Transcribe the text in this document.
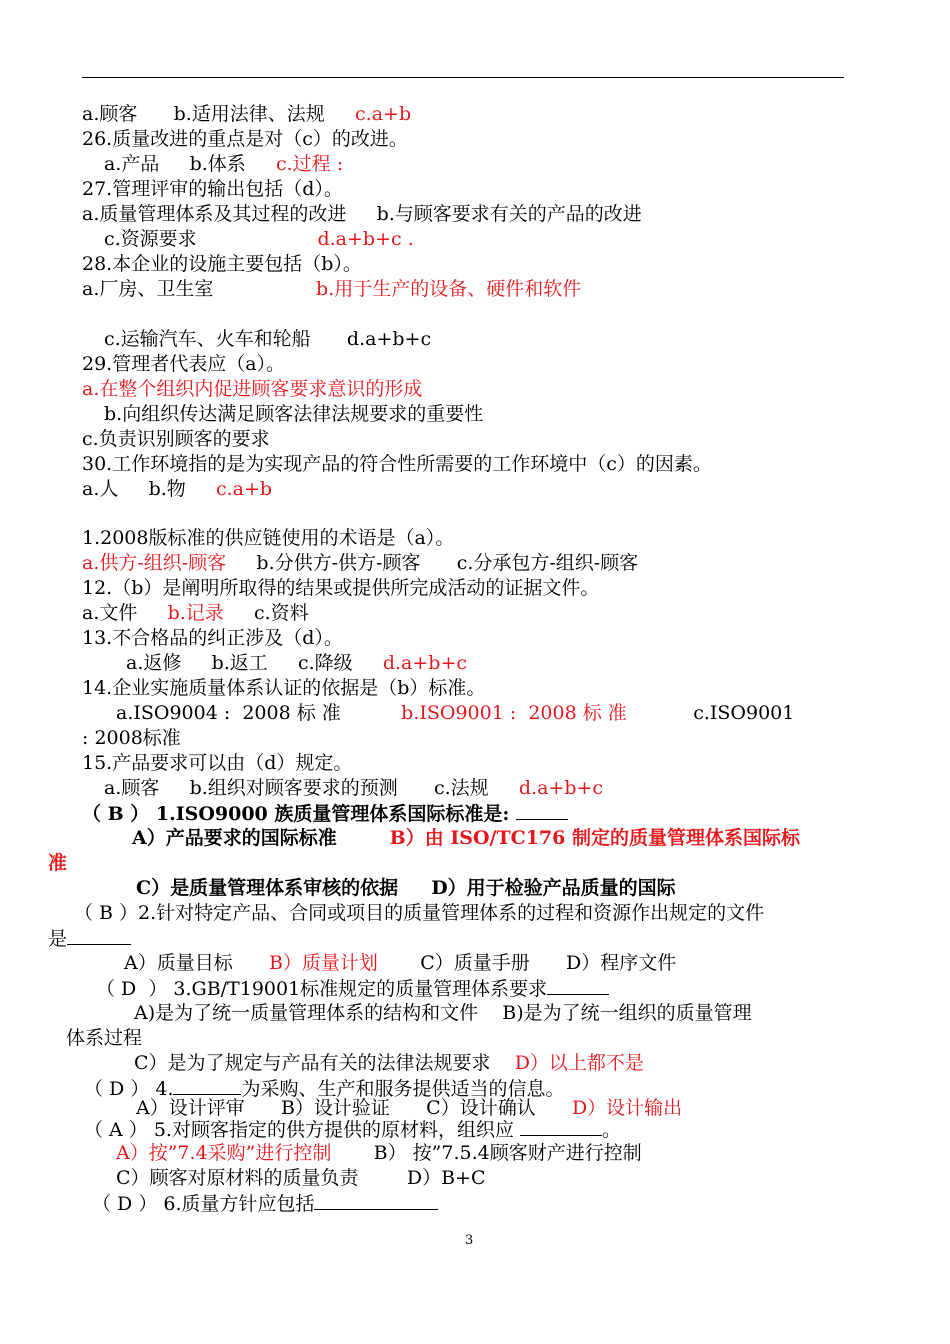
a.顾客      b.适用法律、法规     c.a+b
26.质量改进的重点是对（c）的改进。
a.产品     b.体系     c.过程 :
27.管理评审的输出包括（d）。
a.质量管理体系及其过程的改进     b.与顾客要求有关的产品的改进
c.资源要求                    d.a+b+c .
28.本企业的设施主要包括（b）。
a.厂房、卫生室                 b.用于生产的设备、硬件和软件
c.运输汽车、火车和轮船      d.a+b+c
29.管理者代表应（a）。
a.在整个组织内促进顾客要求意识的形成
b.向组织传达满足顾客法律法规要求的重要性
c.负责识别顾客的要求
30.工作环境指的是为实现产品的符合性所需要的工作环境中（c）的因素。
a.人     b.物     c.a+b
1.2008版标准的供应链使用的术语是（a）。
a.供方-组织-顾客     b.分供方-供方-顾客      c.分承包方-组织-顾客
12.（b）是阐明所取得的结果或提供所完成活动的证据文件。
a.文件     b.记录     c.资料
13.不合格品的纠正涉及（d）。
a.返修     b.返工     c.降级     d.a+b+c
14.企业实施质量体系认证的依据是（b）标准。
a.ISO9004 :  2008 标 准          b.ISO9001 :  2008 标 准           c.ISO9001
: 2008标准
15.产品要求可以由（d）规定。
a.顾客     b.组织对顾客要求的预测      c.法规     d.a+b+c
（ B ） 1.ISO9000 族质量管理体系国际标准是:
A）产品要求的国际标准        B）由 ISO/TC176 制定的质量管理体系国际标
准
C）是质量管理体系审核的依据     D）用于检验产品质量的国际
（ B ）2.针对特定产品、合同或项目的质量管理体系的过程和资源作出规定的文件
是
A）质量目标      B）质量计划       C）质量手册      D）程序文件
（ D  ） 3.GB/T19001标准规定的质量管理体系要求
A)是为了统一质量管理体系的结构和文件    B)是为了统一组织的质量管理
体系过程
C）是为了规定与产品有关的法律法规要求    D）以上都不是
（ D ） 4.	为采购、生产和服务提供适当的信息。
A）设计评审      B）设计验证      C）设计确认      D）设计输出
（ A ） 5.对顾客指定的供方提供的原材料，组织应	。
A）按”7.4采购”进行控制       B） 按”7.5.4顾客财产进行控制
C）顾客对原材料的质量负责        D）B+C
（ D ） 6.质量方针应包括
3
